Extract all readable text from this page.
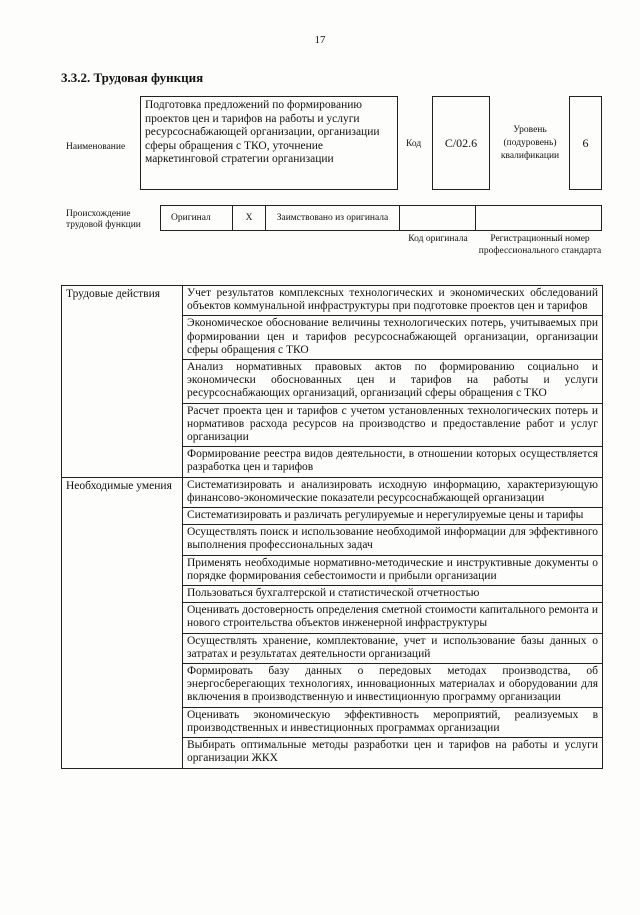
17
3.3.2. Трудовая функция
Наименование
Подготовка предложений по формированию проектов цен и тарифов на работы и услуги ресурсоснабжающей организации, организации сферы обращения с ТКО, уточнение маркетинговой стратегии организации
Код	C/02.6
Уровень (подуровень) квалификации
6
Происхождение трудовой функции
Оригинал	X	Заимствовано из оригинала
Код оригинала	Регистрационный номер профессионального стандарта
Трудовые действия	Учет результатов комплексных технологических и экономических обследований объектов коммунальной инфраструктуры при подготовке проектов цен и тарифов
	Экономическое обоснование величины технологических потерь, учитываемых при формировании цен и тарифов ресурсоснабжающей организации, организации сферы обращения с ТКО
	Анализ нормативных правовых актов по формированию социально и экономически обоснованных цен и тарифов на работы и услуги ресурсоснабжающих организаций, организаций сферы обращения с ТКО
	Расчет проекта цен и тарифов с учетом установленных технологических потерь и нормативов расхода ресурсов на производство и предоставление работ и услуг организации
	Формирование реестра видов деятельности, в отношении которых осуществляется разработка цен и тарифов
Необходимые умения	Систематизировать и анализировать исходную информацию, характеризующую финансово-экономические показатели ресурсоснабжающей организации
	Систематизировать и различать регулируемые и нерегулируемые цены и тарифы
	Осуществлять поиск и использование необходимой информации для эффективного выполнения профессиональных задач
	Применять необходимые нормативно-методические и инструктивные документы о порядке формирования себестоимости и прибыли организации
	Пользоваться бухгалтерской и статистической отчетностью
	Оценивать достоверность определения сметной стоимости капитального ремонта и нового строительства объектов инженерной инфраструктуры
	Осуществлять хранение, комплектование, учет и использование базы данных о затратах и результатах деятельности организаций
	Формировать базу данных о передовых методах производства, об энергосберегающих технологиях, инновационных материалах и оборудовании для включения в производственную и инвестиционную программу организации
	Оценивать экономическую эффективность мероприятий, реализуемых в производственных и инвестиционных программах организации
	Выбирать оптимальные методы разработки цен и тарифов на работы и услуги организации ЖКХ
